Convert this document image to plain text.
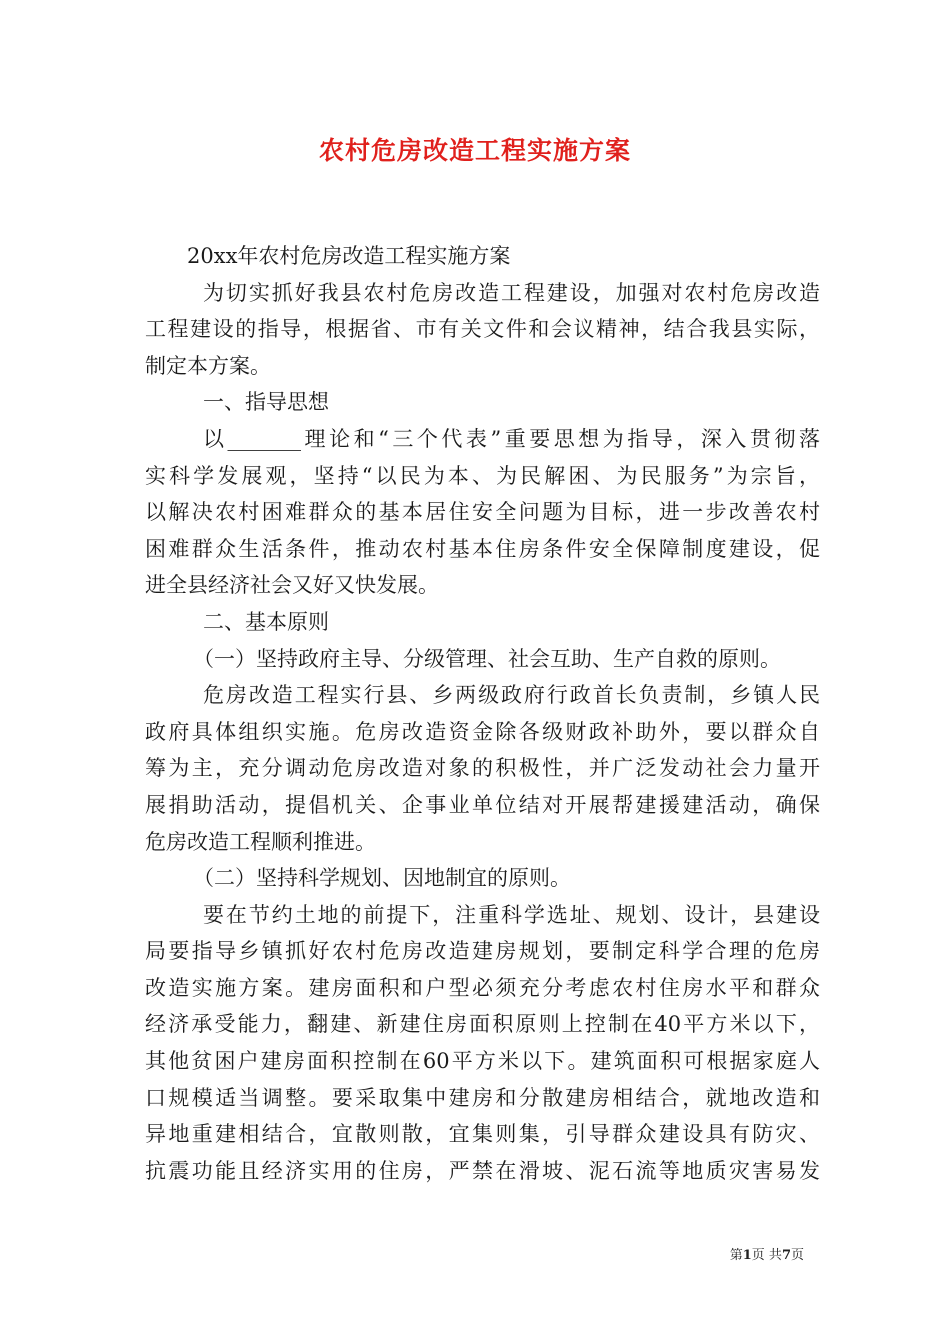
农村危房改造工程实施方案
20xx年农村危房改造工程实施方案
为切实抓好我县农村危房改造工程建设，加强对农村危房改造
工程建设的指导，根据省、市有关文件和会议精神，结合我县实际，
制定本方案。
一、指导思想
以_______理论和“三个代表”重要思想为指导，深入贯彻落
实科学发展观，坚持“以民为本、为民解困、为民服务”为宗旨，
以解决农村困难群众的基本居住安全问题为目标，进一步改善农村
困难群众生活条件，推动农村基本住房条件安全保障制度建设，促
进全县经济社会又好又快发展。
二、基本原则
（一）坚持政府主导、分级管理、社会互助、生产自救的原则。
危房改造工程实行县、乡两级政府行政首长负责制，乡镇人民
政府具体组织实施。危房改造资金除各级财政补助外，要以群众自
筹为主，充分调动危房改造对象的积极性，并广泛发动社会力量开
展捐助活动，提倡机关、企事业单位结对开展帮建援建活动，确保
危房改造工程顺利推进。
（二）坚持科学规划、因地制宜的原则。
要在节约土地的前提下，注重科学选址、规划、设计，县建设
局要指导乡镇抓好农村危房改造建房规划，要制定科学合理的危房
改造实施方案。建房面积和户型必须充分考虑农村住房水平和群众
经济承受能力，翻建、新建住房面积原则上控制在40平方米以下，
其他贫困户建房面积控制在60平方米以下。建筑面积可根据家庭人
口规模适当调整。要采取集中建房和分散建房相结合，就地改造和
异地重建相结合，宜散则散，宜集则集，引导群众建设具有防灾、
抗震功能且经济实用的住房，严禁在滑坡、泥石流等地质灾害易发
第1页 共7页
